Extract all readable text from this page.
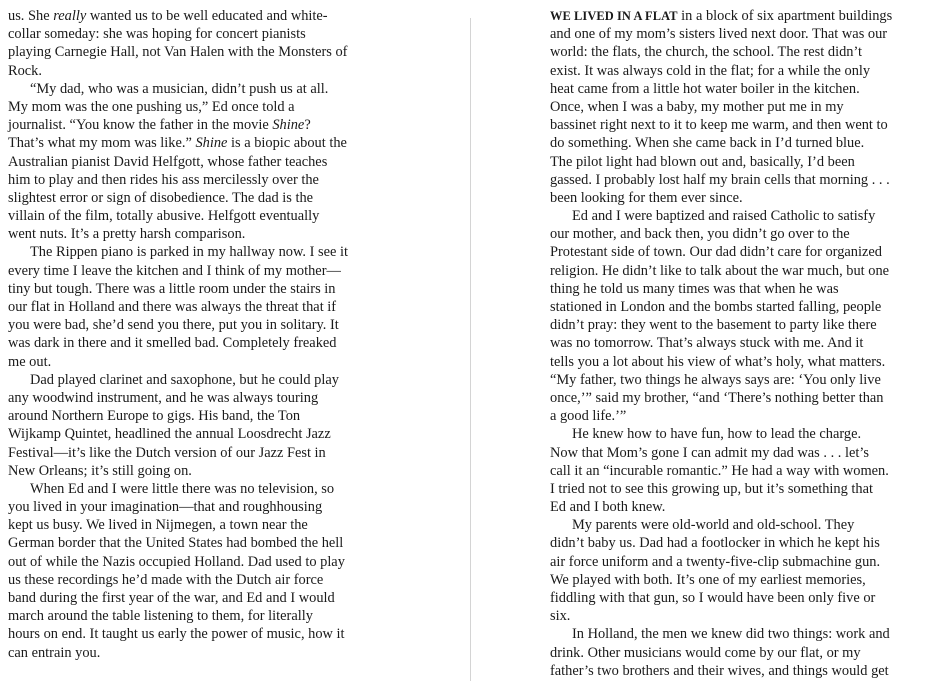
us. She really wanted us to be well educated and white-
collar someday: she was hoping for concert pianists
playing Carnegie Hall, not Van Halen with the Monsters of
Rock.
“My dad, who was a musician, didn’t push us at all.
My mom was the one pushing us,” Ed once told a
journalist. “You know the father in the movie Shine?
That’s what my mom was like.” Shine is a biopic about the
Australian pianist David Helfgott, whose father teaches
him to play and then rides his ass mercilessly over the
slightest error or sign of disobedience. The dad is the
villain of the film, totally abusive. Helfgott eventually
went nuts. It’s a pretty harsh comparison.
The Rippen piano is parked in my hallway now. I see it
every time I leave the kitchen and I think of my mother—
tiny but tough. There was a little room under the stairs in
our flat in Holland and there was always the threat that if
you were bad, she’d send you there, put you in solitary. It
was dark in there and it smelled bad. Completely freaked
me out.
Dad played clarinet and saxophone, but he could play
any woodwind instrument, and he was always touring
around Northern Europe to gigs. His band, the Ton
Wijkamp Quintet, headlined the annual Loosdrecht Jazz
Festival—it’s like the Dutch version of our Jazz Fest in
New Orleans; it’s still going on.
When Ed and I were little there was no television, so
you lived in your imagination—that and roughhousing
kept us busy. We lived in Nijmegen, a town near the
German border that the United States had bombed the hell
out of while the Nazis occupied Holland. Dad used to play
us these recordings he’d made with the Dutch air force
band during the first year of the war, and Ed and I would
march around the table listening to them, for literally
hours on end. It taught us early the power of music, how it
can entrain you.
WE LIVED IN A FLAT in a block of six apartment buildings
and one of my mom’s sisters lived next door. That was our
world: the flats, the church, the school. The rest didn’t
exist. It was always cold in the flat; for a while the only
heat came from a little hot water boiler in the kitchen.
Once, when I was a baby, my mother put me in my
bassinet right next to it to keep me warm, and then went to
do something. When she came back in I’d turned blue.
The pilot light had blown out and, basically, I’d been
gassed. I probably lost half my brain cells that morning . . .
been looking for them ever since.
Ed and I were baptized and raised Catholic to satisfy
our mother, and back then, you didn’t go over to the
Protestant side of town. Our dad didn’t care for organized
religion. He didn’t like to talk about the war much, but one
thing he told us many times was that when he was
stationed in London and the bombs started falling, people
didn’t pray: they went to the basement to party like there
was no tomorrow. That’s always stuck with me. And it
tells you a lot about his view of what’s holy, what matters.
“My father, two things he always says are: ‘You only live
once,’” said my brother, “and ‘There’s nothing better than
a good life.’”
He knew how to have fun, how to lead the charge.
Now that Mom’s gone I can admit my dad was . . . let’s
call it an “incurable romantic.” He had a way with women.
I tried not to see this growing up, but it’s something that
Ed and I both knew.
My parents were old-world and old-school. They
didn’t baby us. Dad had a footlocker in which he kept his
air force uniform and a twenty-five-clip submachine gun.
We played with both. It’s one of my earliest memories,
fiddling with that gun, so I would have been only five or
six.
In Holland, the men we knew did two things: work and
drink. Other musicians would come by our flat, or my
father’s two brothers and their wives, and things would get
